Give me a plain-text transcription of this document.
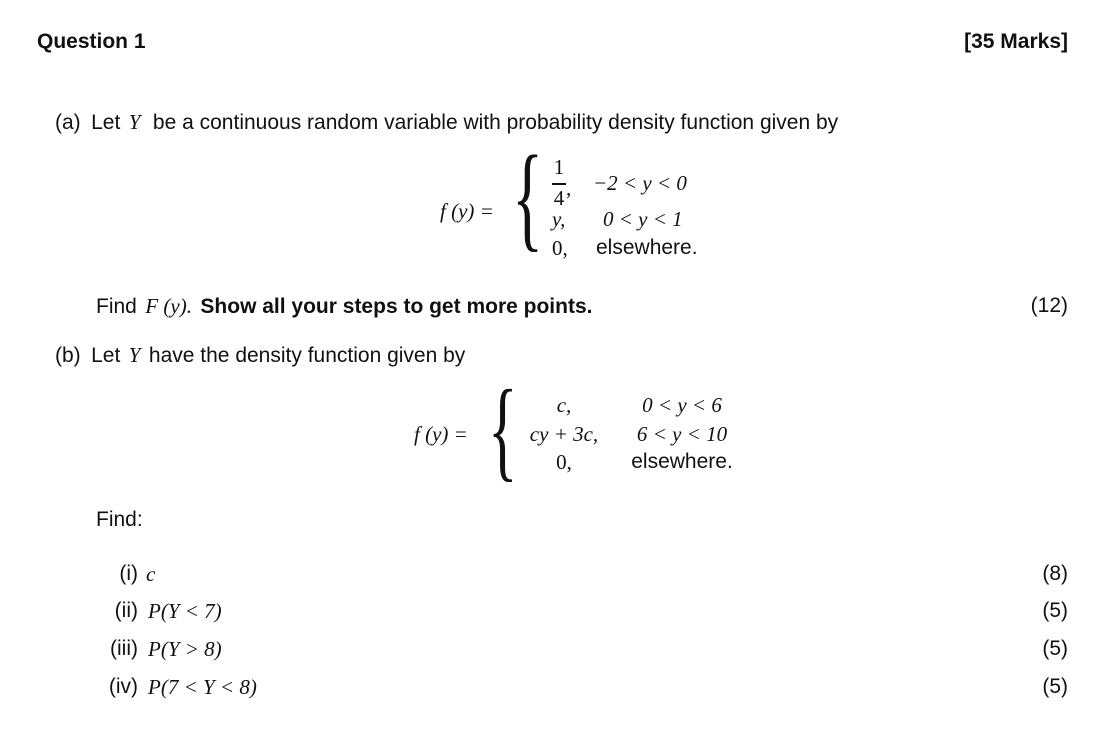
Question 1	[35 Marks]
(a) Let Y be a continuous random variable with probability density function given by
f (y) = { 1
4 , −2 < y < 0
y, 0 < y < 1
0, elsewhere.
Find F (y). Show all your steps to get more points.	(12)
(b) Let Y have the density function given by
f (y) = {	c,	0 < y < 6
cy + 3c,	6 < y < 10
0,	elsewhere.
Find:
(i) c	(8)
(ii) P(Y < 7)	(5)
(iii) P(Y > 8)	(5)
(iv) P(7 < Y < 8)	(5)
